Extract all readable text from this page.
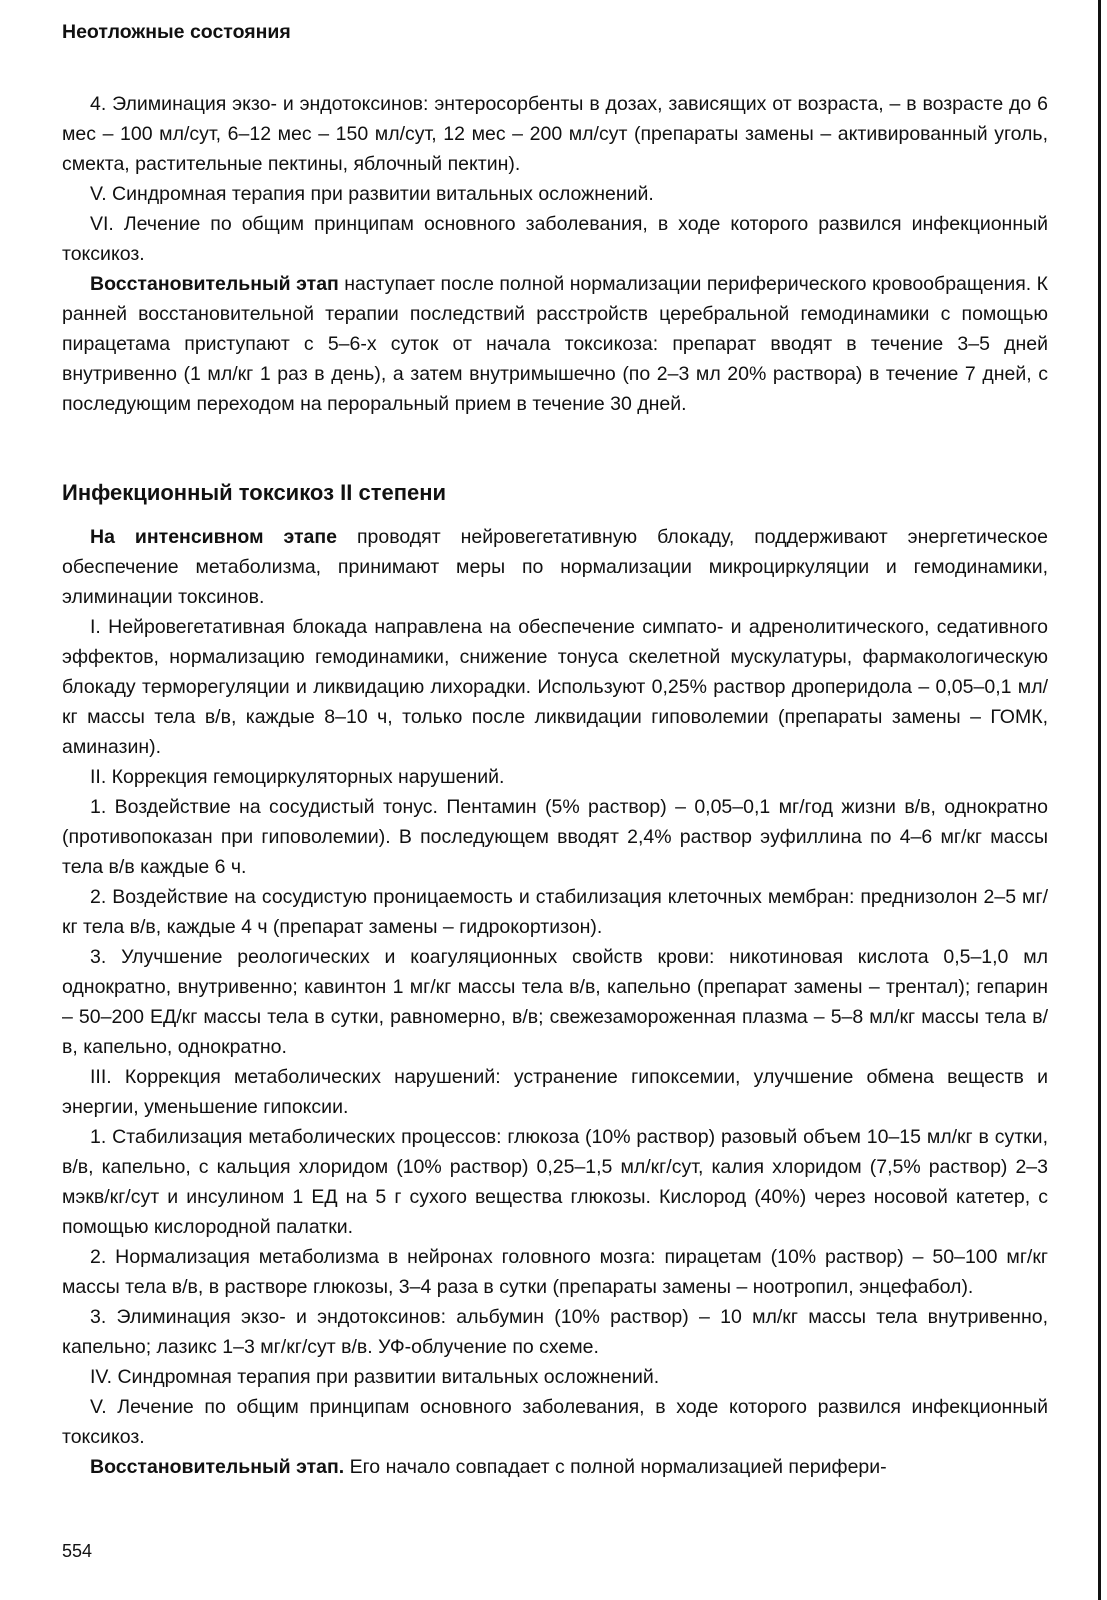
Неотложные состояния

4. Элиминация экзо- и эндотоксинов: энтеросорбенты в дозах, зависящих от возраста, – в возрасте до 6 мес – 100 мл/сут, 6–12 мес – 150 мл/сут, 12 мес – 200 мл/сут (препараты замены – активированный уголь, смекта, растительные пектины, яблочный пектин).

V. Синдромная терапия при развитии витальных осложнений.

VI. Лечение по общим принципам основного заболевания, в ходе которого развился инфекционный токсикоз.

Восстановительный этап наступает после полной нормализации периферического кровообращения. К ранней восстановительной терапии последствий расстройств церебральной гемодинамики с помощью пирацетама приступают с 5–6-х суток от начала токсикоза: препарат вводят в течение 3–5 дней внутривенно (1 мл/кг 1 раз в день), а затем внутримышечно (по 2–3 мл 20% раствора) в течение 7 дней, с последующим переходом на пероральный прием в течение 30 дней.

Инфекционный токсикоз II степени

На интенсивном этапе проводят нейровегетативную блокаду, поддерживают энергетическое обеспечение метаболизма, принимают меры по нормализации микроциркуляции и гемодинамики, элиминации токсинов.

I. Нейровегетативная блокада направлена на обеспечение симпато- и адренолитического, седативного эффектов, нормализацию гемодинамики, снижение тонуса скелетной мускулатуры, фармакологическую блокаду терморегуляции и ликвидацию лихорадки. Используют 0,25% раствор дроперидола – 0,05–0,1 мл/кг массы тела в/в, каждые 8–10 ч, только после ликвидации гиповолемии (препараты замены – ГОМК, аминазин).

II. Коррекция гемоциркуляторных нарушений.

1. Воздействие на сосудистый тонус. Пентамин (5% раствор) – 0,05–0,1 мг/год жизни в/в, однократно (противопоказан при гиповолемии). В последующем вводят 2,4% раствор эуфиллина по 4–6 мг/кг массы тела в/в каждые 6 ч.

2. Воздействие на сосудистую проницаемость и стабилизация клеточных мембран: преднизолон 2–5 мг/кг тела в/в, каждые 4 ч (препарат замены – гидрокортизон).

3. Улучшение реологических и коагуляционных свойств крови: никотиновая кислота 0,5–1,0 мл однократно, внутривенно; кавинтон 1 мг/кг массы тела в/в, капельно (препарат замены – трентал); гепарин – 50–200 ЕД/кг массы тела в сутки, равномерно, в/в; свежезамороженная плазма – 5–8 мл/кг массы тела в/в, капельно, однократно.

III. Коррекция метаболических нарушений: устранение гипоксемии, улучшение обмена веществ и энергии, уменьшение гипоксии.

1. Стабилизация метаболических процессов: глюкоза (10% раствор) разовый объем 10–15 мл/кг в сутки, в/в, капельно, с кальция хлоридом (10% раствор) 0,25–1,5 мл/кг/сут, калия хлоридом (7,5% раствор) 2–3 мэкв/кг/сут и инсулином 1 ЕД на 5 г сухого вещества глюкозы. Кислород (40%) через носовой катетер, с помощью кислородной палатки.

2. Нормализация метаболизма в нейронах головного мозга: пирацетам (10% раствор) – 50–100 мг/кг массы тела в/в, в растворе глюкозы, 3–4 раза в сутки (препараты замены – ноотропил, энцефабол).

3. Элиминация экзо- и эндотоксинов: альбумин (10% раствор) – 10 мл/кг массы тела внутривенно, капельно; лазикс 1–3 мг/кг/сут в/в. УФ-облучение по схеме.

IV. Синдромная терапия при развитии витальных осложнений.

V. Лечение по общим принципам основного заболевания, в ходе которого развился инфекционный токсикоз.

Восстановительный этап. Его начало совпадает с полной нормализацией перифери-

554
